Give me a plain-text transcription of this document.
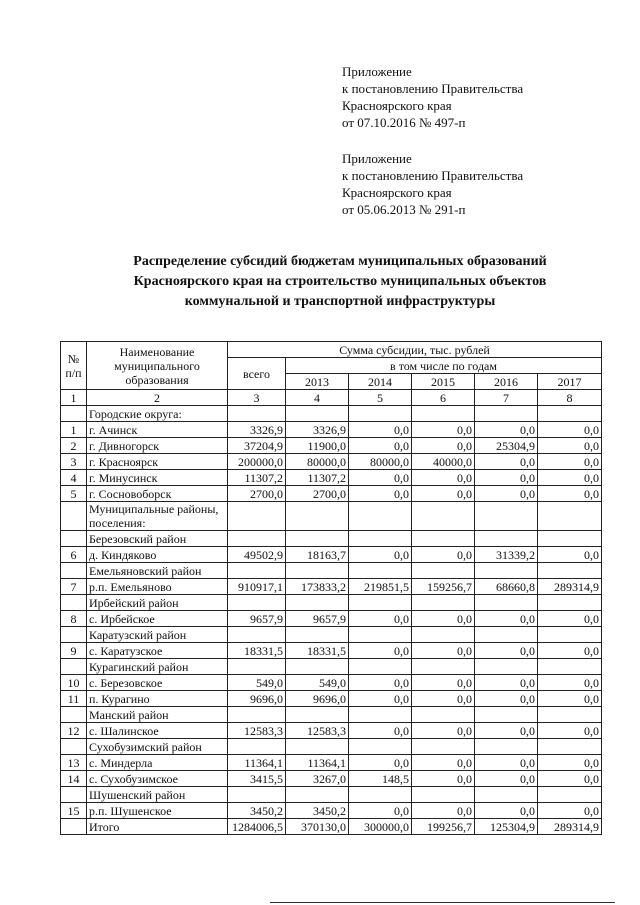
Приложение
к постановлению Правительства
Красноярского края
от 07.10.2016 № 497-п
Приложение
к постановлению Правительства
Красноярского края
от 05.06.2013 № 291-п
Распределение субсидий бюджетам муниципальных образований
Красноярского края на строительство муниципальных объектов
коммунальной и транспортной инфраструктуры
№ п/п	Наименование муниципального образования	Сумма субсидии, тыс. рублей					
		всего	в том числе по годам				
			2013	2014	2015	2016	2017
1	2	3	4	5	6	7	8
	Городские округа:						
1	г. Ачинск	3326,9	3326,9	0,0	0,0	0,0	0,0
2	г. Дивногорск	37204,9	11900,0	0,0	0,0	25304,9	0,0
3	г. Красноярск	200000,0	80000,0	80000,0	40000,0	0,0	0,0
4	г. Минусинск	11307,2	11307,2	0,0	0,0	0,0	0,0
5	г. Сосновоборск	2700,0	2700,0	0,0	0,0	0,0	0,0
	Муниципальные районы, поселения:						
	Березовский район						
6	д. Киндяково	49502,9	18163,7	0,0	0,0	31339,2	0,0
	Емельяновский район						
7	р.п. Емельяново	910917,1	173833,2	219851,5	159256,7	68660,8	289314,9
	Ирбейский район						
8	с. Ирбейское	9657,9	9657,9	0,0	0,0	0,0	0,0
	Каратузский район						
9	с. Каратузское	18331,5	18331,5	0,0	0,0	0,0	0,0
	Курагинский район						
10	с. Березовское	549,0	549,0	0,0	0,0	0,0	0,0
11	п. Курагино	9696,0	9696,0	0,0	0,0	0,0	0,0
	Манский район						
12	с. Шалинское	12583,3	12583,3	0,0	0,0	0,0	0,0
	Сухобузимский район						
13	с. Миндерла	11364,1	11364,1	0,0	0,0	0,0	0,0
14	с. Сухобузимское	3415,5	3267,0	148,5	0,0	0,0	0,0
	Шушенский район						
15	р.п. Шушенское	3450,2	3450,2	0,0	0,0	0,0	0,0
	Итого	1284006,5	370130,0	300000,0	199256,7	125304,9	289314,9
